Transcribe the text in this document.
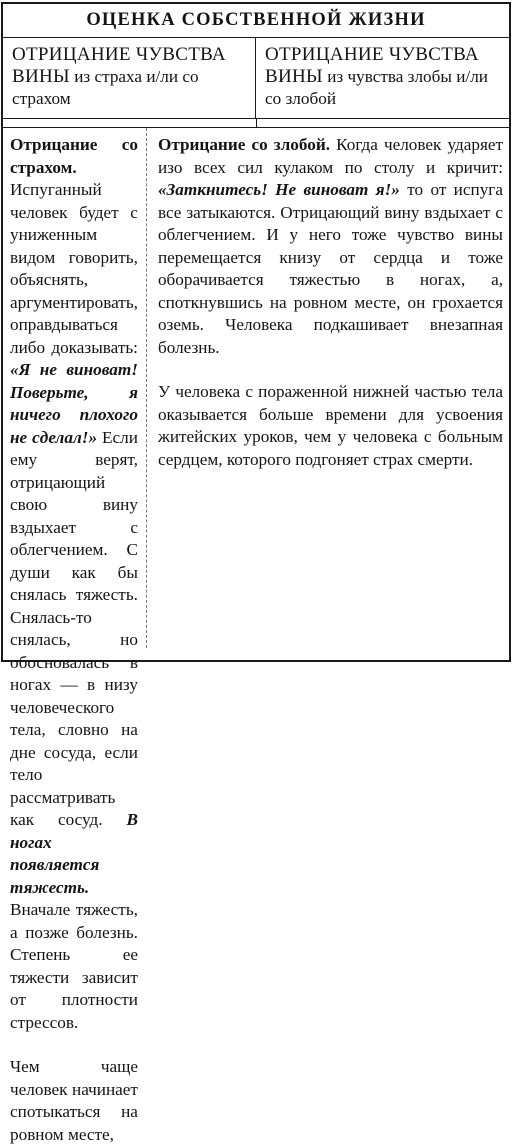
ОЦЕНКА СОБСТВЕННОЙ ЖИЗНИ
ОТРИЦАНИЕ ЧУВСТВА ВИНЫ из страха и/ли со страхом
ОТРИЦАНИЕ ЧУВСТВА ВИНЫ из чувства злобы и/ли со злобой

Отрицание со страхом. Испуганный человек будет с униженным видом говорить, объяснять, аргументировать, оправдываться либо доказывать: «Я не виноват! Поверьте, я ничего плохого не сделал!» Если ему верят, отрицающий свою вину вздыхает с облегчением. С души как бы снялась тяжесть. Снялась-то снялась, но обосновалась в ногах — в низу человеческого тела, словно на дне сосуда, если тело рассматривать как сосуд. В ногах появляется тяжесть. Вначале тяжесть, а позже болезнь. Степень ее тяжести зависит от плотности стрессов.

Чем чаще человек начинает спотыкаться на ровном месте,

Отрицание со злобой. Когда человек ударяет изо всех сил кулаком по столу и кричит: «Заткнитесь! Не виноват я!» то от испуга все затыкаются. Отрицающий вину вздыхает с облегчением. И у него тоже чувство вины перемещается книзу от сердца и тоже оборачивается тяжестью в ногах, а, споткнувшись на ровном месте, он грохается оземь. Человека подкашивает внезапная болезнь.

У человека с пораженной нижней частью тела оказывается больше времени для усвоения житейских уроков, чем у человека с больным сердцем, которого подгоняет страх смерти.
